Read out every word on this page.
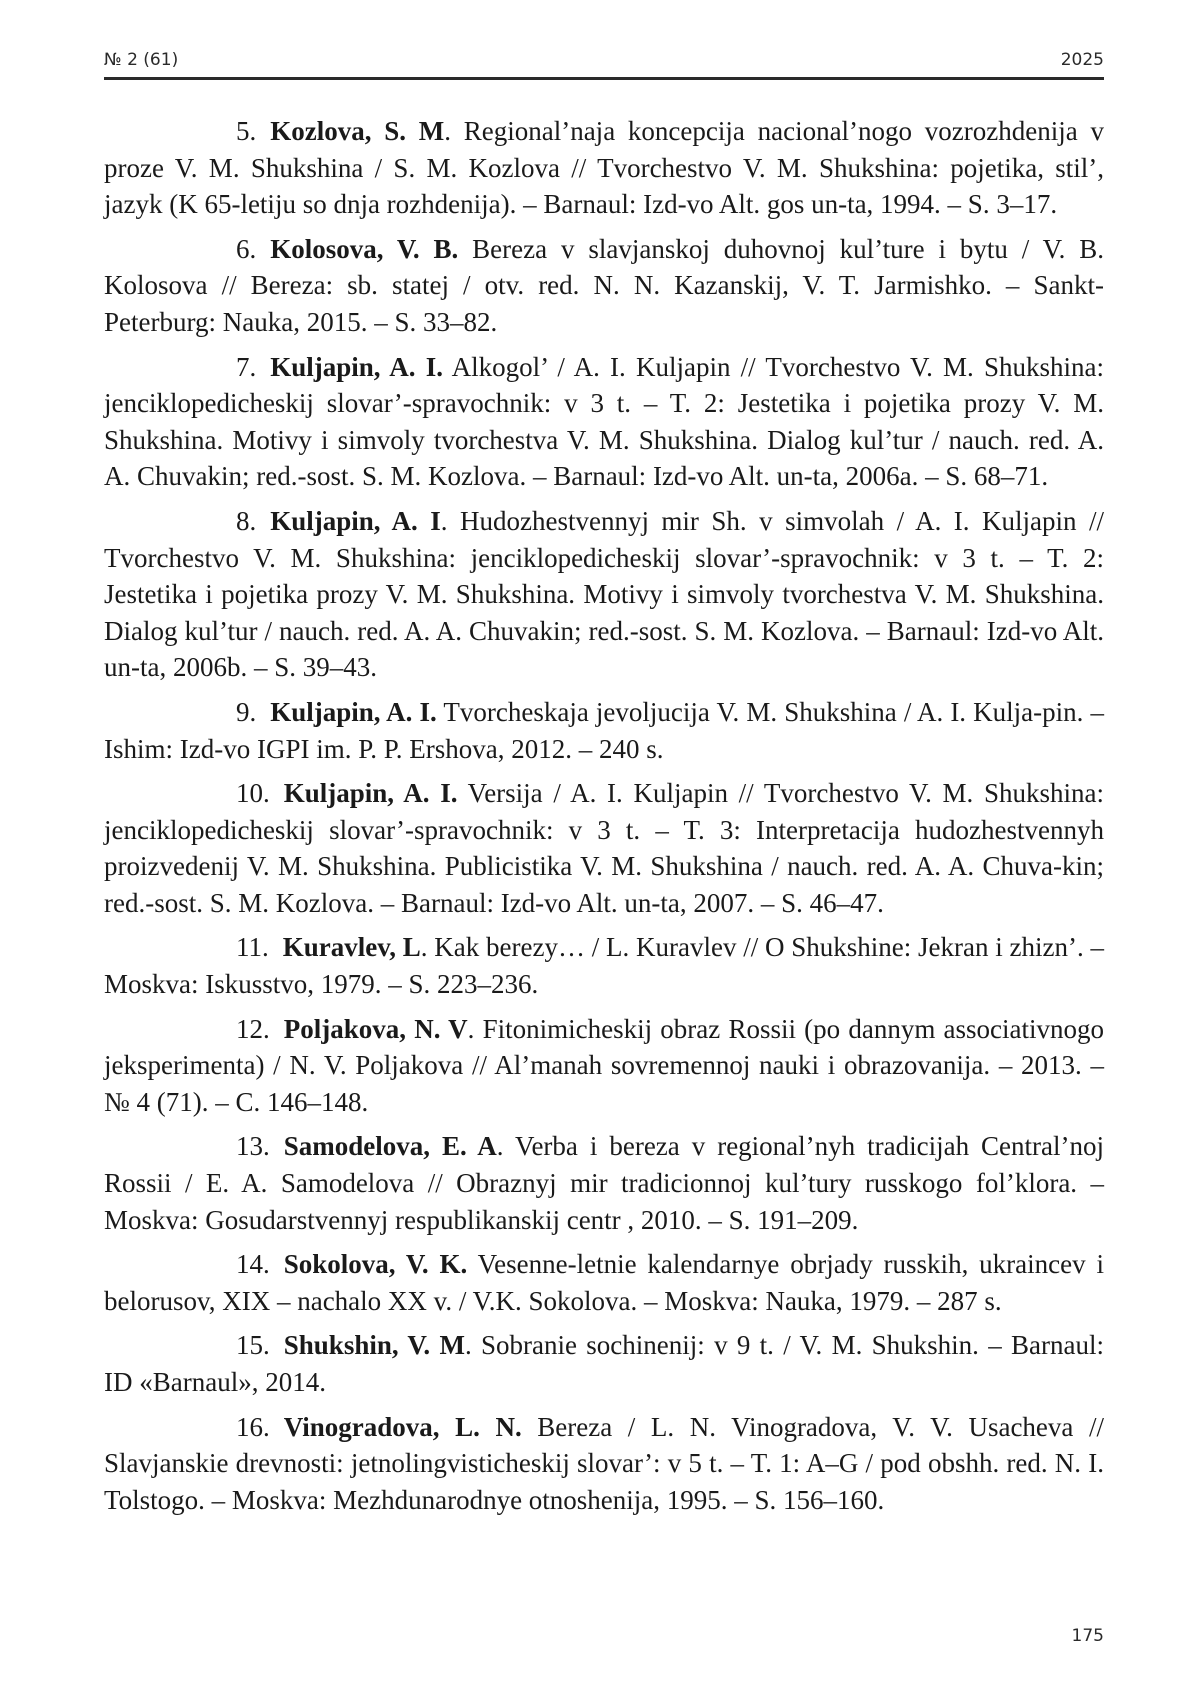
№ 2 (61)	2025

5. Kozlova, S. M. Regional’naja koncepcija nacional’nogo vozrozhdenija v proze V. M. Shukshina / S. M. Kozlova // Tvorchestvo V. M. Shukshina: pojetika, stil’, jazyk (K 65-letiju so dnja rozhdenija). – Barnaul: Izd-vo Alt. gos un-ta, 1994. – S. 3–17.

6. Kolosova, V. B. Bereza v slavjanskoj duhovnoj kul’ture i bytu / V. B. Kolosova // Bereza: sb. statej / otv. red. N. N. Kazanskij, V. T. Jarmishko. – Sankt-Peterburg: Nauka, 2015. – S. 33–82.

7. Kuljapin, A. I. Alkogol’ / A. I. Kuljapin // Tvorchestvo V. M. Shukshina: jenciklopedicheskij slovar’-spravochnik: v 3 t. – T. 2: Jestetika i pojetika prozy V. M. Shukshina. Motivy i simvoly tvorchestva V. M. Shukshina. Dialog kul’tur / nauch. red. A. A. Chuvakin; red.-sost. S. M. Kozlova. – Barnaul: Izd-vo Alt. un-ta, 2006a. – S. 68–71.

8. Kuljapin, A. I. Hudozhestvennyj mir Sh. v simvolah / A. I. Kuljapin // Tvorchestvo V. M. Shukshina: jenciklopedicheskij slovar’-spravochnik: v 3 t. – T. 2: Jestetika i pojetika prozy V. M. Shukshina. Motivy i simvoly tvorchestva V. M. Shukshina. Dialog kul’tur / nauch. red. A. A. Chuvakin; red.-sost. S. M. Kozlova. – Barnaul: Izd-vo Alt. un-ta, 2006b. – S. 39–43.

9. Kuljapin, A. I. Tvorcheskaja jevoljucija V. M. Shukshina / A. I. Kulja-pin. – Ishim: Izd-vo IGPI im. P. P. Ershova, 2012. – 240 s.

10. Kuljapin, A. I. Versija / A. I. Kuljapin // Tvorchestvo V. M. Shukshina: jenciklopedicheskij slovar’-spravochnik: v 3 t. – T. 3: Interpretacija hudozhestvennyh proizvedenij V. M. Shukshina. Publicistika V. M. Shukshina / nauch. red. A. A. Chuva-kin; red.-sost. S. M. Kozlova. – Barnaul: Izd-vo Alt. un-ta, 2007. – S. 46–47.

11. Kuravlev, L. Kak berezy… / L. Kuravlev // O Shukshine: Jekran i zhizn’. – Moskva: Iskusstvo, 1979. – S. 223–236.

12. Poljakova, N. V. Fitonimicheskij obraz Rossii (po dannym associativnogo jeksperimenta) / N. V. Poljakova // Al’manah sovremennoj nauki i obrazovanija. – 2013. – № 4 (71). – C. 146–148.

13. Samodelova, E. A. Verba i bereza v regional’nyh tradicijah Central’noj Rossii / E. A. Samodelova // Obraznyj mir tradicionnoj kul’tury russkogo fol’klora. – Moskva: Gosudarstvennyj respublikanskij centr , 2010. – S. 191–209.

14. Sokolova, V. K. Vesenne-letnie kalendarnye obrjady russkih, ukraincev i belorusov, XIX – nachalo XX v. / V.K. Sokolova. – Moskva: Nauka, 1979. – 287 s.

15. Shukshin, V. M. Sobranie sochinenij: v 9 t. / V. M. Shukshin. – Barnaul: ID «Barnaul», 2014.

16. Vinogradova, L. N. Bereza / L. N. Vinogradova, V. V. Usacheva // Slavjanskie drevnosti: jetnolingvisticheskij slovar’: v 5 t. – T. 1: A–G / pod obshh. red. N. I. Tolstogo. – Moskva: Mezhdunarodnye otnoshenija, 1995. – S. 156–160.

175
